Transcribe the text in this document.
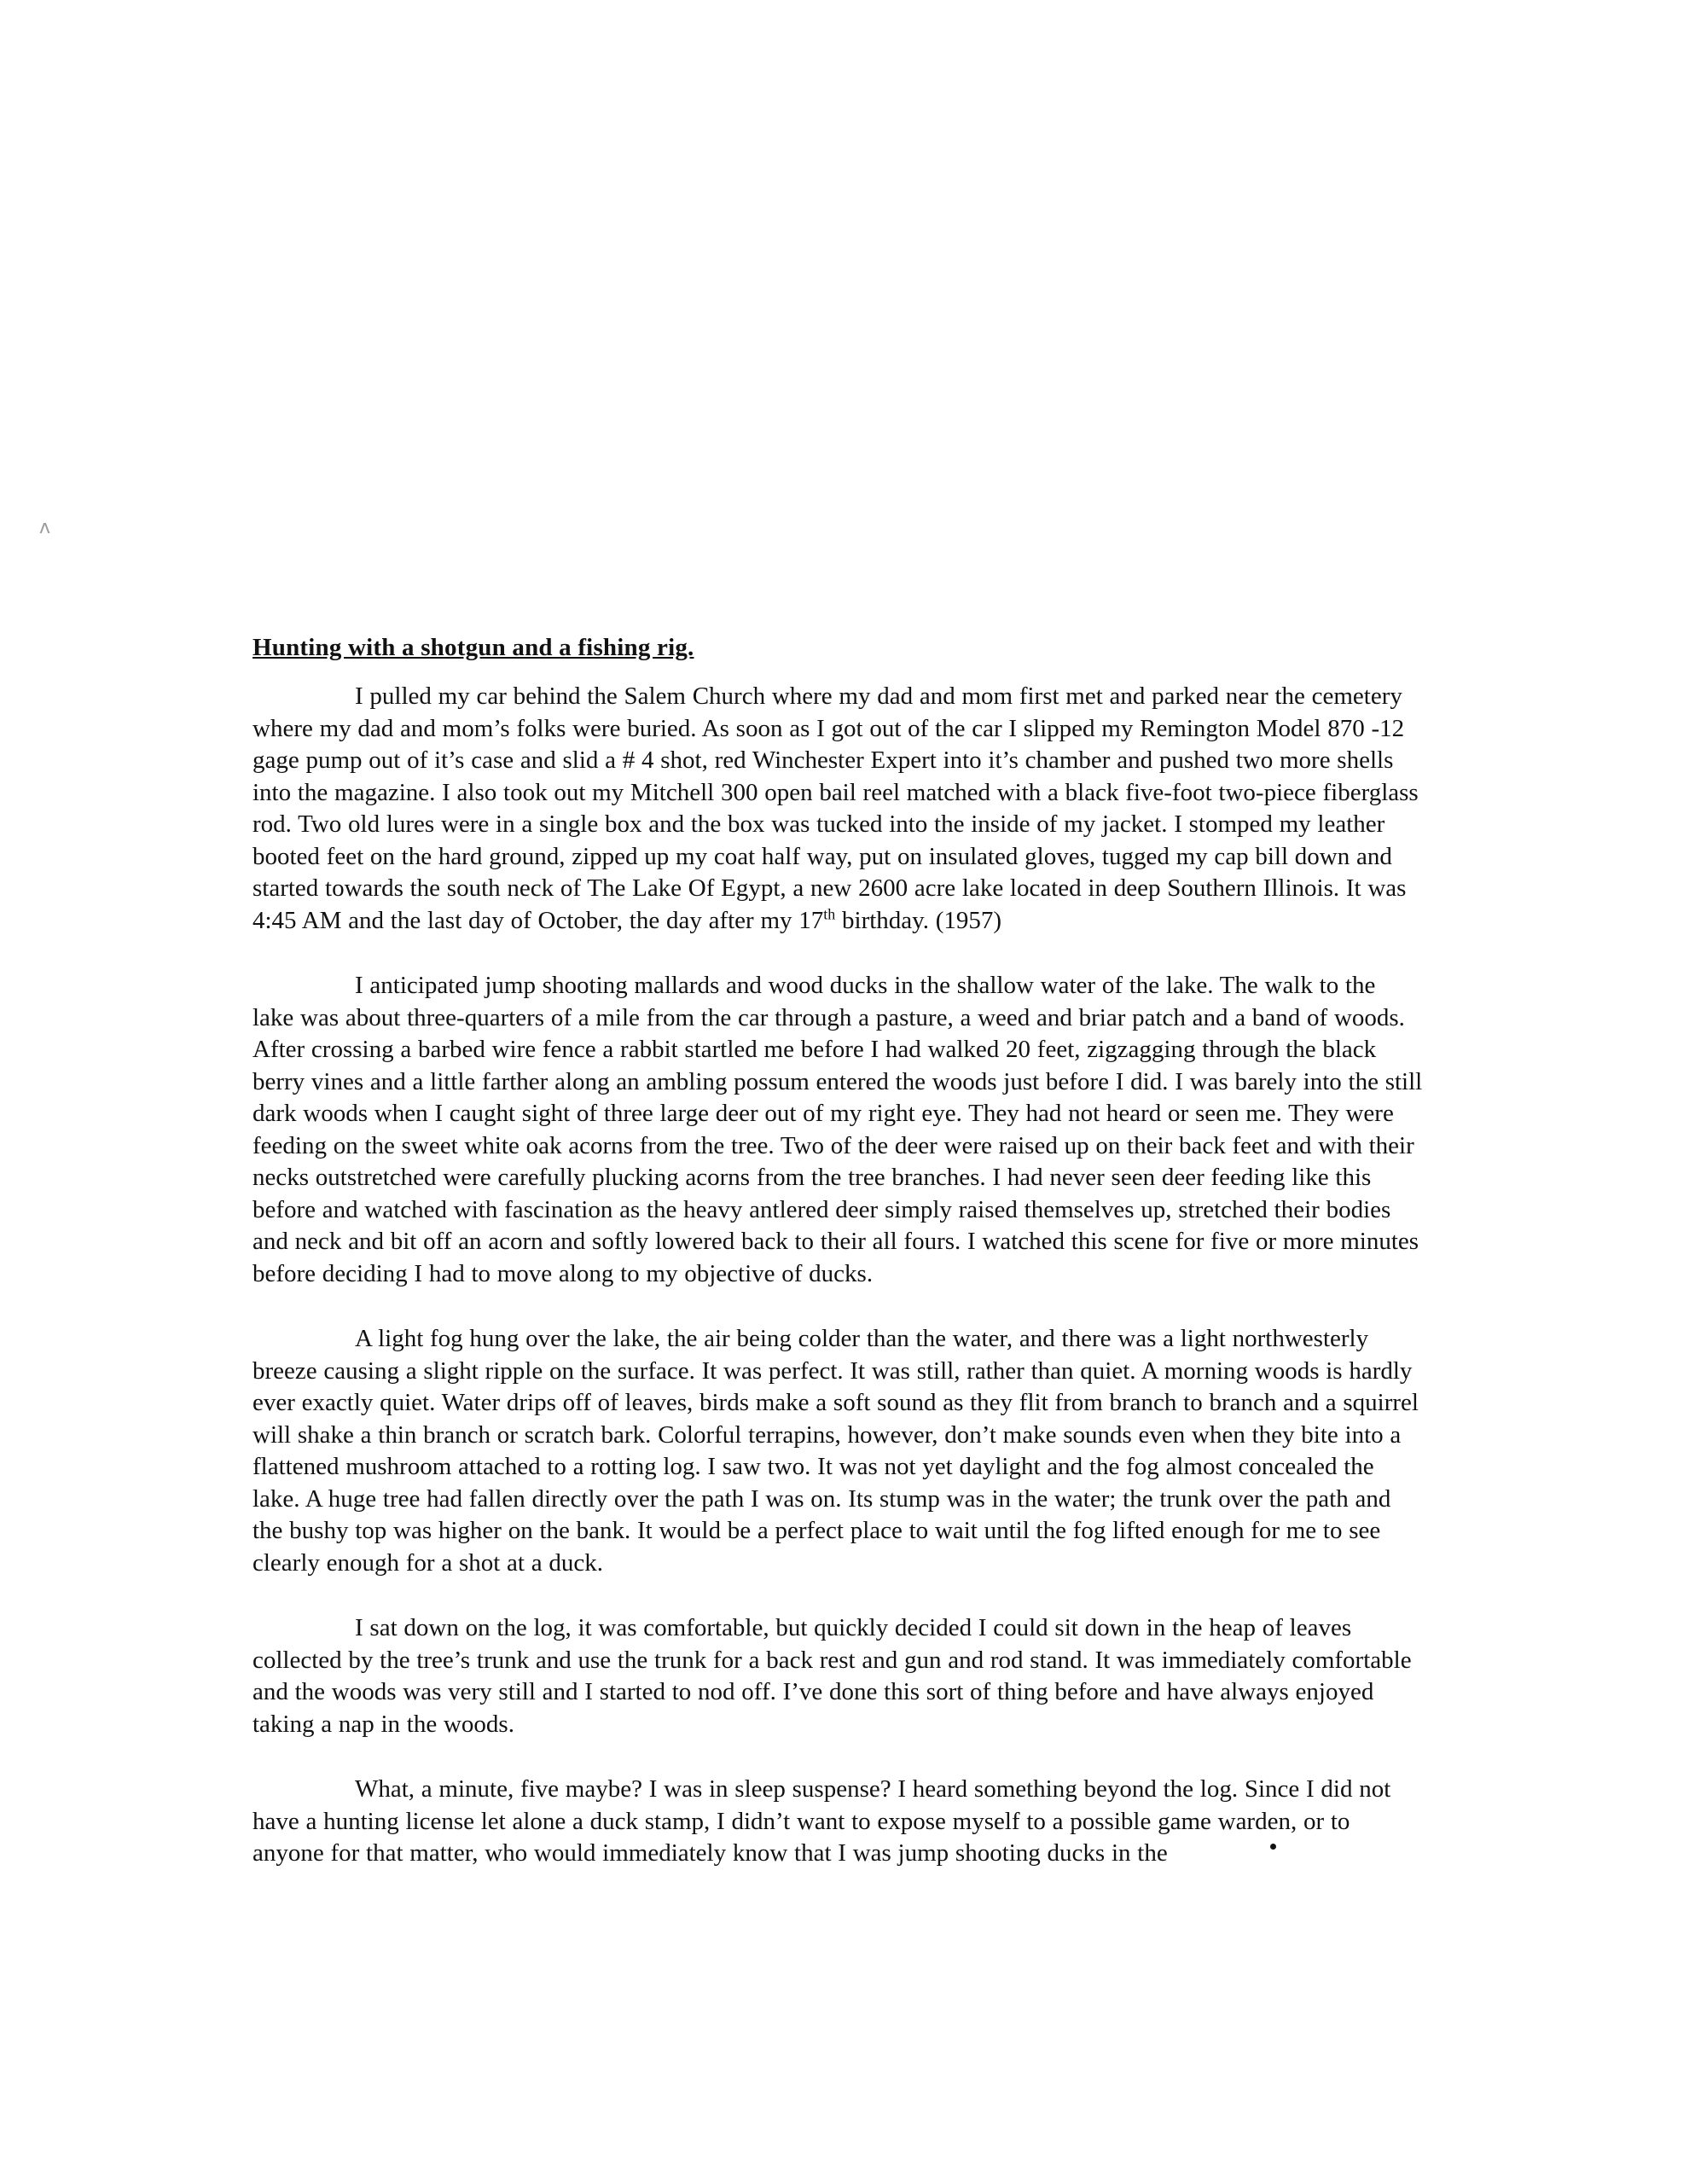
ʌ
Hunting with a shotgun and a fishing rig.

I pulled my car behind the Salem Church where my dad and mom first met and parked near the cemetery where my dad and mom’s folks were buried. As soon as I got out of the car I slipped my Remington Model 870 -12 gage pump out of it’s case and slid a # 4 shot, red Winchester Expert into it’s chamber and pushed two more shells into the magazine. I also took out my Mitchell 300 open bail reel matched with a black five-foot two-piece fiberglass rod. Two old lures were in a single box and the box was tucked into the inside of my jacket. I stomped my leather booted feet on the hard ground, zipped up my coat half way, put on insulated gloves, tugged my cap bill down and started towards the south neck of The Lake Of Egypt, a new 2600 acre lake located in deep Southern Illinois. It was 4:45 AM and the last day of October, the day after my 17th birthday. (1957)

I anticipated jump shooting mallards and wood ducks in the shallow water of the lake. The walk to the lake was about three-quarters of a mile from the car through a pasture, a weed and briar patch and a band of woods. After crossing a barbed wire fence a rabbit startled me before I had walked 20 feet, zigzagging through the black berry vines and a little farther along an ambling possum entered the woods just before I did. I was barely into the still dark woods when I caught sight of three large deer out of my right eye. They had not heard or seen me. They were feeding on the sweet white oak acorns from the tree. Two of the deer were raised up on their back feet and with their necks outstretched were carefully plucking acorns from the tree branches. I had never seen deer feeding like this before and watched with fascination as the heavy antlered deer simply raised themselves up, stretched their bodies and neck and bit off an acorn and softly lowered back to their all fours. I watched this scene for five or more minutes before deciding I had to move along to my objective of ducks.

A light fog hung over the lake, the air being colder than the water, and there was a light northwesterly breeze causing a slight ripple on the surface. It was perfect. It was still, rather than quiet. A morning woods is hardly ever exactly quiet. Water drips off of leaves, birds make a soft sound as they flit from branch to branch and a squirrel will shake a thin branch or scratch bark. Colorful terrapins, however, don’t make sounds even when they bite into a flattened mushroom attached to a rotting log. I saw two. It was not yet daylight and the fog almost concealed the lake. A huge tree had fallen directly over the path I was on. Its stump was in the water; the trunk over the path and the bushy top was higher on the bank. It would be a perfect place to wait until the fog lifted enough for me to see clearly enough for a shot at a duck.

I sat down on the log, it was comfortable, but quickly decided I could sit down in the heap of leaves collected by the tree’s trunk and use the trunk for a back rest and gun and rod stand. It was immediately comfortable and the woods was very still and I started to nod off. I’ve done this sort of thing before and have always enjoyed taking a nap in the woods.

What, a minute, five maybe? I was in sleep suspense? I heard something beyond the log. Since I did not have a hunting license let alone a duck stamp, I didn’t want to expose myself to a possible game warden, or to anyone for that matter, who would immediately know that I was jump shooting ducks in the
